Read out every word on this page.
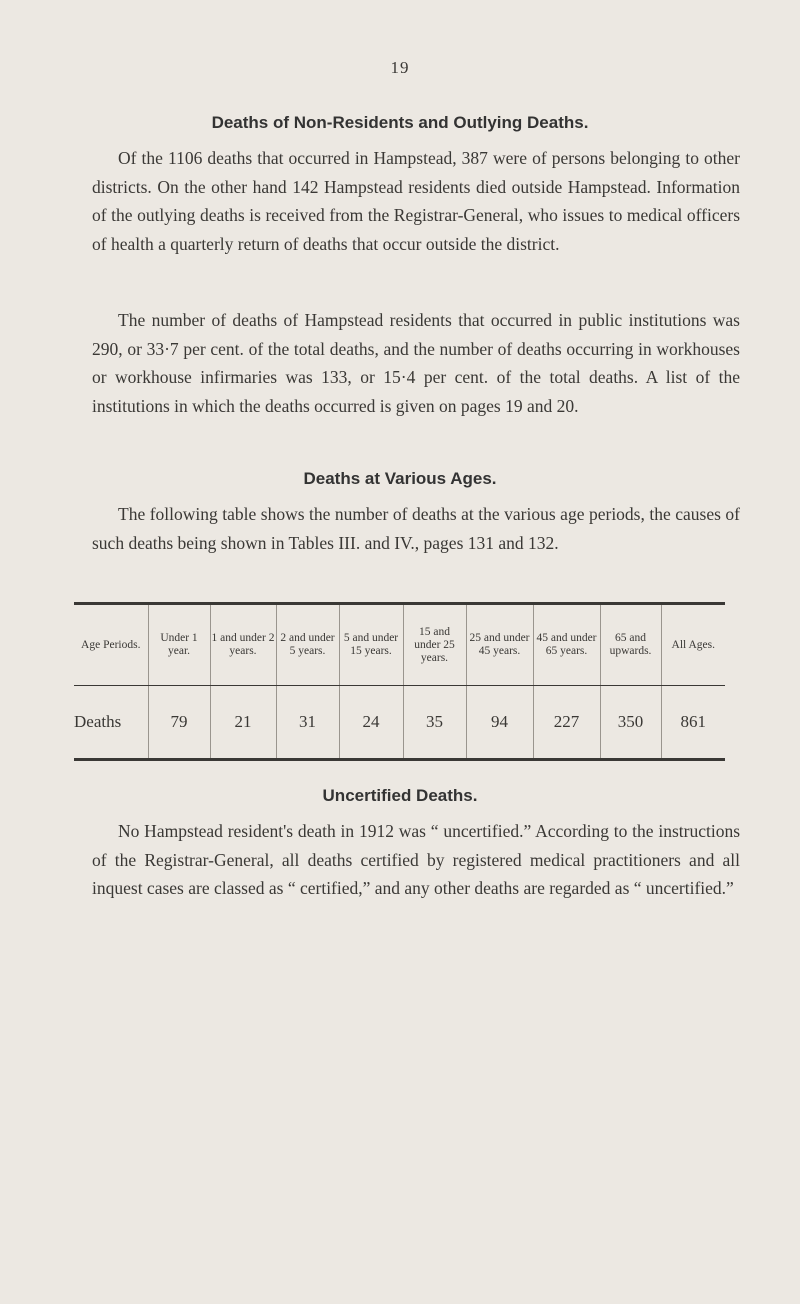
19
Deaths of Non-Residents and Outlying Deaths.

Of the 1106 deaths that occurred in Hampstead, 387 were of persons belonging to other districts. On the other hand 142 Hampstead residents died outside Hampstead. Information of the outlying deaths is received from the Registrar-General, who issues to medical officers of health a quarterly return of deaths that occur outside the district.

The number of deaths of Hampstead residents that occurred in public institutions was 290, or 33·7 per cent. of the total deaths, and the number of deaths occurring in workhouses or workhouse infirmaries was 133, or 15·4 per cent. of the total deaths. A list of the institutions in which the deaths occurred is given on pages 19 and 20.

Deaths at Various Ages.

The following table shows the number of deaths at the various age periods, the causes of such deaths being shown in Tables III. and IV., pages 131 and 132.

Age Periods.	Under 1 year.	1 and under 2 years.	2 and under 5 years.	5 and under 15 years.	15 and under 25 years.	25 and under 45 years.	45 and under 65 years.	65 and upwards.	All Ages.
Deaths	79	21	31	24	35	94	227	350	861
Uncertified Deaths.

No Hampstead resident's death in 1912 was “ uncertified.” According to the instructions of the Registrar-General, all deaths certified by registered medical practitioners and all inquest cases are classed as “ certified,” and any other deaths are regarded as “ uncertified.”
